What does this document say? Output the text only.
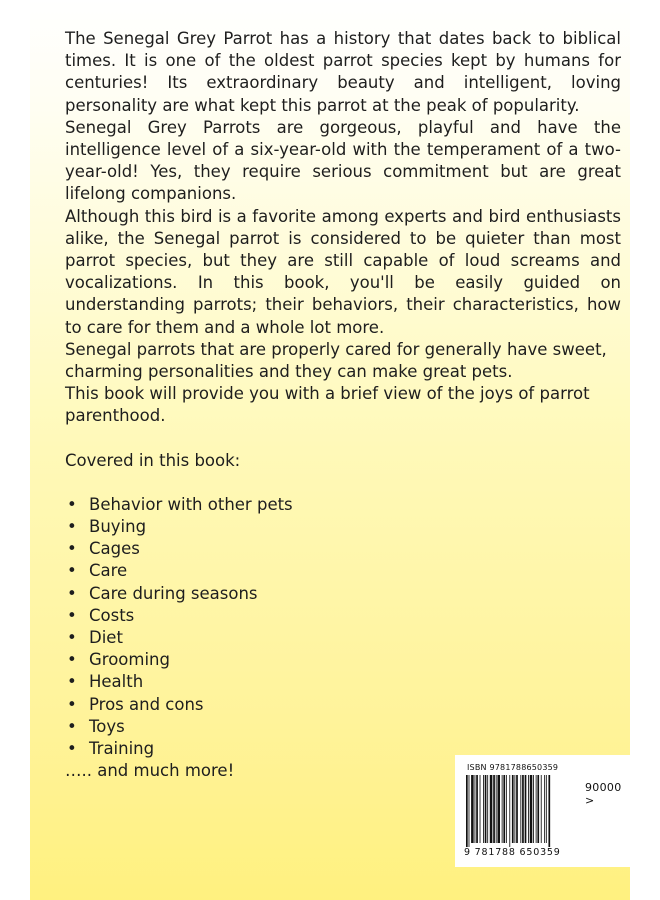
The Senegal Grey Parrot has a history that dates back to biblical times. It is one of the oldest parrot species kept by humans for centuries! Its extraordinary beauty and intelligent, loving personality are what kept this parrot at the peak of popularity.

Senegal Grey Parrots are gorgeous, playful and have the intelligence level of a six-year-old with the temperament of a two-year-old! Yes, they require serious commitment but are great lifelong companions.

Although this bird is a favorite among experts and bird enthusiasts alike, the Senegal parrot is considered to be quieter than most parrot species, but they are still capable of loud screams and vocalizations. In this book, you'll be easily guided on understanding parrots; their behaviors, their characteristics, how to care for them and a whole lot more.

Senegal parrots that are properly cared for generally have sweet, charming personalities and they can make great pets.

This book will provide you with a brief view of the joys of parrot parenthood.

Covered in this book:

• Behavior with other pets
• Buying
• Cages
• Care
• Care during seasons
• Costs
• Diet
• Grooming
• Health
• Pros and cons
• Toys
• Training

….. and much more!	ISBN 9781788650359
90000 >
9 781788 650359
